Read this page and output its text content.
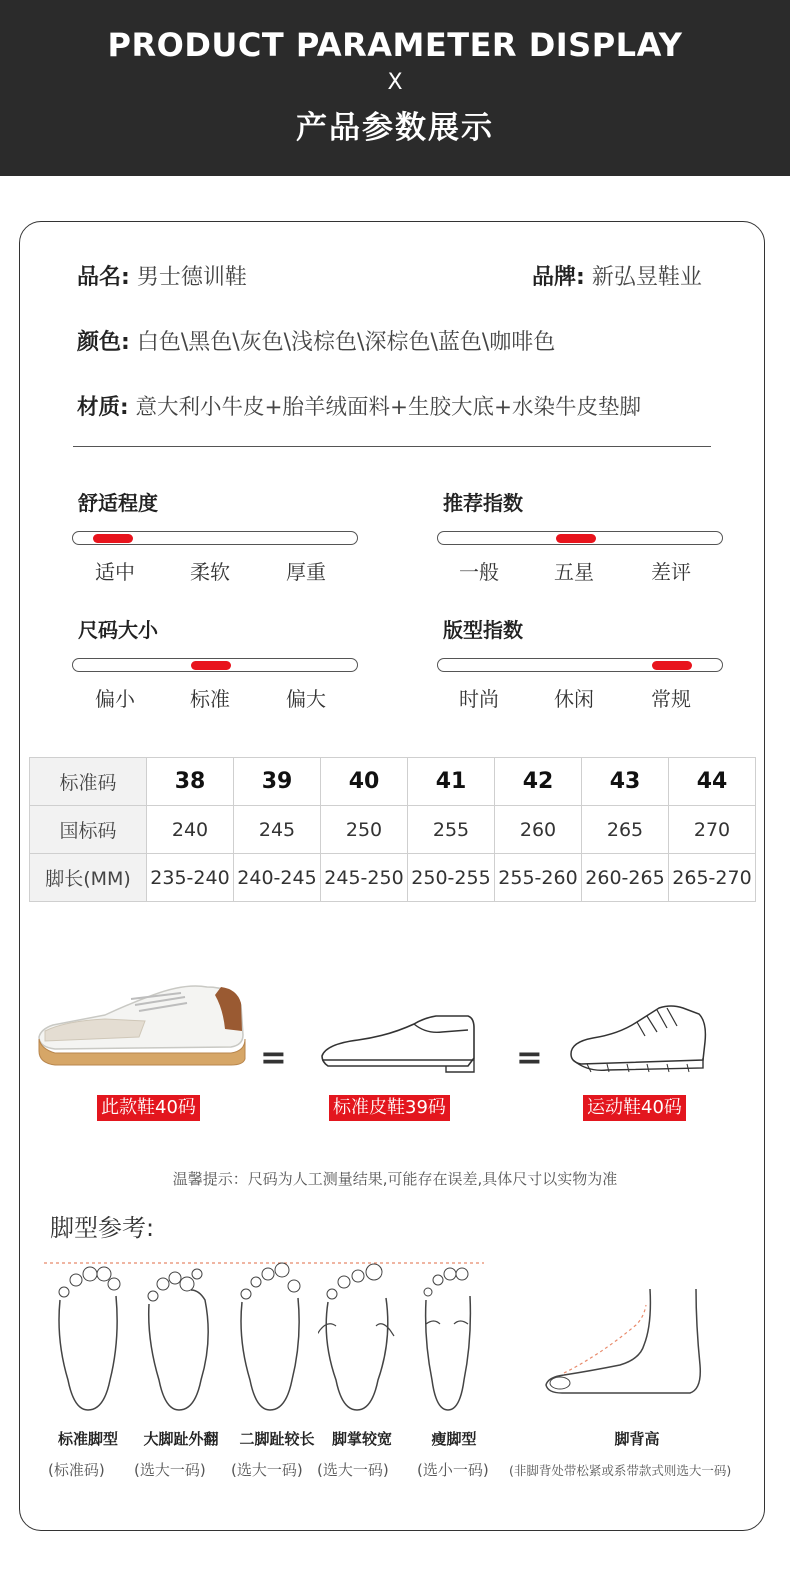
PRODUCT PARAMETER DISPLAY
X
产品参数展示
品名: 男士德训鞋	品牌: 新弘昱鞋业
颜色: 白色\黑色\灰色\浅棕色\深棕色\蓝色\咖啡色
材质: 意大利小牛皮+胎羊绒面料+生胶大底+水染牛皮垫脚
舒适程度
适中	柔软	厚重
推荐指数
一般	五星	差评
尺码大小
偏小	标准	偏大
版型指数
时尚	休闲	常规
标准码	38	39	40	41	42	43	44
国标码	240	245	250	255	260	265	270
脚长(MM)	235-240	240-245	245-250	250-255	255-260	260-265	265-270
=	=
此款鞋40码	标准皮鞋39码	运动鞋40码
温馨提示：尺码为人工测量结果,可能存在误差,具体尺寸以实物为准
脚型参考:
标准脚型	大脚趾外翻	二脚趾较长	脚掌较宽	瘦脚型	脚背高
(标准码) (选大一码) (选大一码) (选大一码) (选小一码) (非脚背处带松紧或系带款式则选大一码)
